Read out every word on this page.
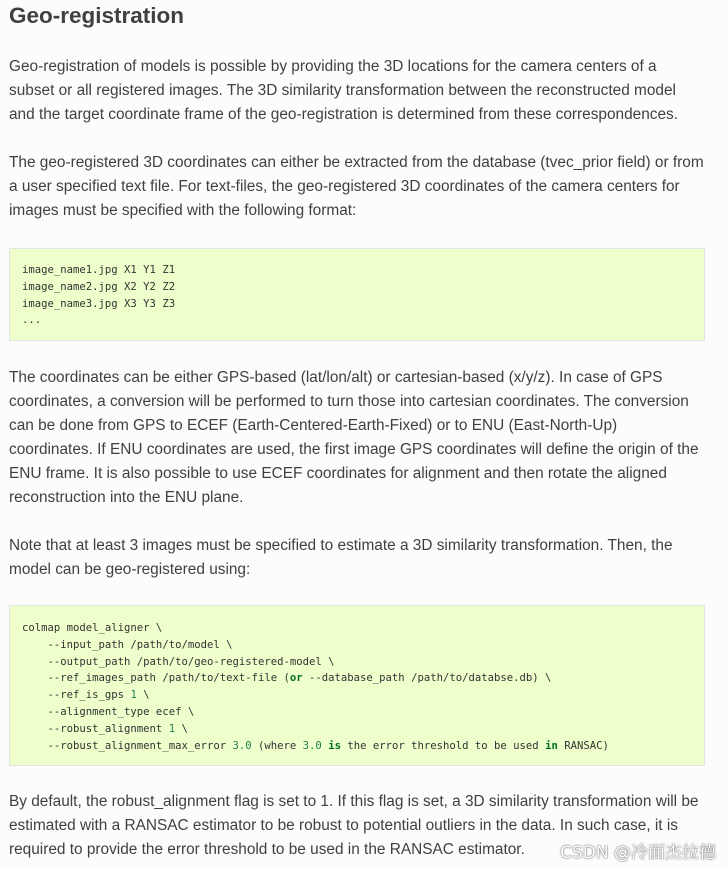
Geo-registration

Geo-registration of models is possible by providing the 3D locations for the camera centers of a subset or all registered images. The 3D similarity transformation between the reconstructed model and the target coordinate frame of the geo-registration is determined from these correspondences.

The geo-registered 3D coordinates can either be extracted from the database (tvec_prior field) or from a user specified text file. For text-files, the geo-registered 3D coordinates of the camera centers for images must be specified with the following format:

image_name1.jpg X1 Y1 Z1
image_name2.jpg X2 Y2 Z2
image_name3.jpg X3 Y3 Z3
...

The coordinates can be either GPS-based (lat/lon/alt) or cartesian-based (x/y/z). In case of GPS coordinates, a conversion will be performed to turn those into cartesian coordinates. The conversion can be done from GPS to ECEF (Earth-Centered-Earth-Fixed) or to ENU (East-North-Up) coordinates. If ENU coordinates are used, the first image GPS coordinates will define the origin of the ENU frame. It is also possible to use ECEF coordinates for alignment and then rotate the aligned reconstruction into the ENU plane.

Note that at least 3 images must be specified to estimate a 3D similarity transformation. Then, the model can be geo-registered using:

colmap model_aligner \
--input_path /path/to/model \
--output_path /path/to/geo-registered-model \
--ref_images_path /path/to/text-file (or --database_path /path/to/databse.db) \
--ref_is_gps 1 \
--alignment_type ecef \
--robust_alignment 1 \
--robust_alignment_max_error 3.0 (where 3.0 is the error threshold to be used in RANSAC)

By default, the robust_alignment flag is set to 1. If this flag is set, a 3D similarity transformation will be estimated with a RANSAC estimator to be robust to potential outliers in the data. In such case, it is required to provide the error threshold to be used in the RANSAC estimator.	CSDN @冷面杰拉德
